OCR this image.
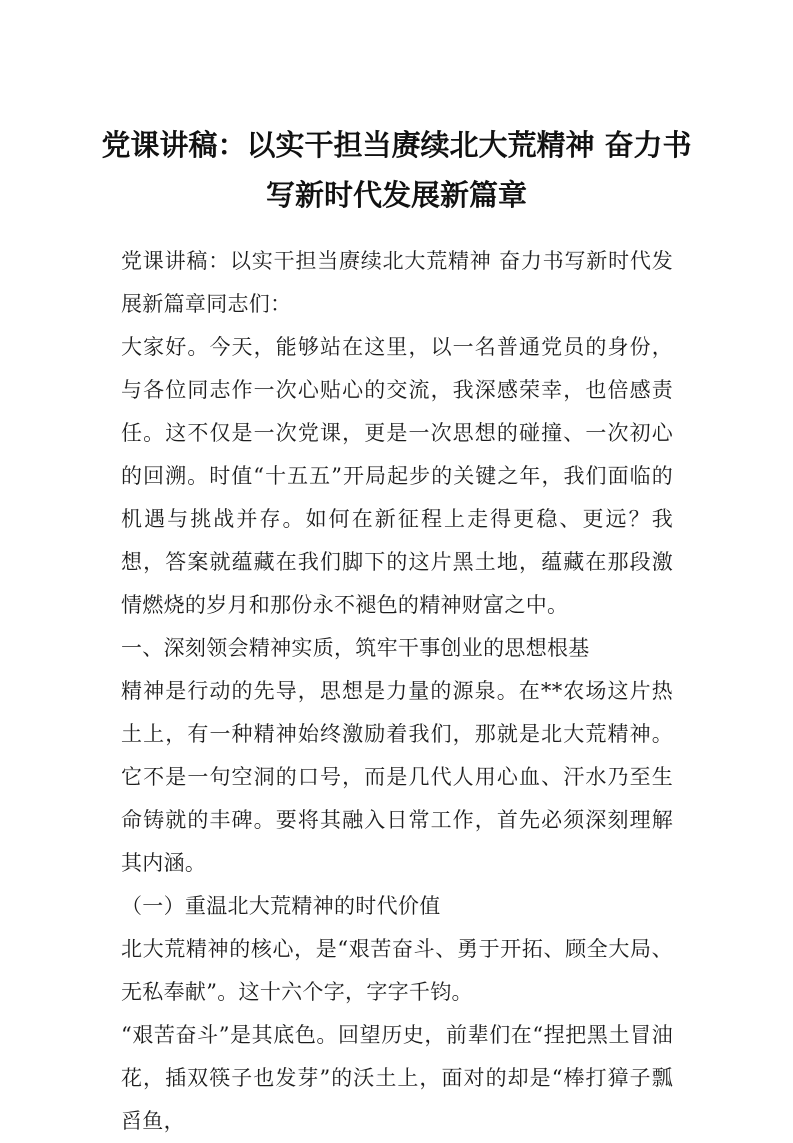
党课讲稿：以实干担当赓续北大荒精神 奋力书写新时代发展新篇章

党课讲稿：以实干担当赓续北大荒精神 奋力书写新时代发展新篇章同志们：

大家好。今天，能够站在这里，以一名普通党员的身份，与各位同志作一次心贴心的交流，我深感荣幸，也倍感责任。这不仅是一次党课，更是一次思想的碰撞、一次初心的回溯。时值“十五五”开局起步的关键之年，我们面临的机遇与挑战并存。如何在新征程上走得更稳、更远？我想，答案就蕴藏在我们脚下的这片黑土地，蕴藏在那段激情燃烧的岁月和那份永不褪色的精神财富之中。

一、深刻领会精神实质，筑牢干事创业的思想根基

精神是行动的先导，思想是力量的源泉。在**农场这片热土上，有一种精神始终激励着我们，那就是北大荒精神。它不是一句空洞的口号，而是几代人用心血、汗水乃至生命铸就的丰碑。要将其融入日常工作，首先必须深刻理解其内涵。

（一）重温北大荒精神的时代价值

北大荒精神的核心，是“艰苦奋斗、勇于开拓、顾全大局、无私奉献”。这十六个字，字字千钧。

“艰苦奋斗”是其底色。回望历史，前辈们在“捏把黑土冒油花，插双筷子也发芽”的沃土上，面对的却是“棒打獐子瓢舀鱼，
